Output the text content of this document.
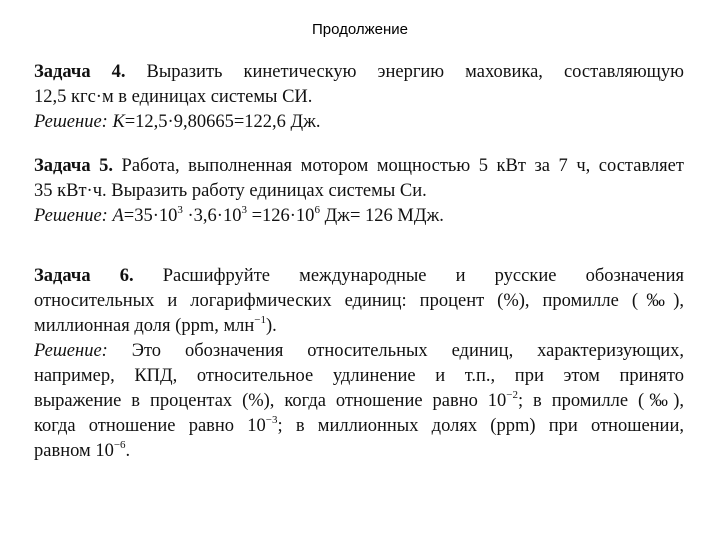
Продолжение
Задача 4. Выразить кинетическую энергию маховика, составляющую
12,5 кгс·м в единицах системы СИ.
Решение: К=12,5·9,80665=122,6 Дж.
Задача 5. Работа, выполненная мотором мощностью 5 кВт за 7 ч, составляет
35 кВт·ч. Выразить работу единицах системы Си.
Решение: $А=35\cdot 10^3 \cdot 3,6\cdot 10^3 =126\cdot 10^6$ Дж= 126 МДж.
Задача 6. Расшифруйте международные и русские обозначения
относительных и логарифмических единиц: процент (%), промилле (‰),
миллионная доля (ppm, млн$^{-1}$).
Решение: Это обозначения относительных единиц, характеризующих,
например, КПД, относительное удлинение и т.п., при этом принято
выражение в процентах (%), когда отношение равно $10^{-2}$; в промилле (‰),
когда отношение равно $10^{-3}$; в миллионных долях (ppm) при отношении,
равном $10^{-6}$.
